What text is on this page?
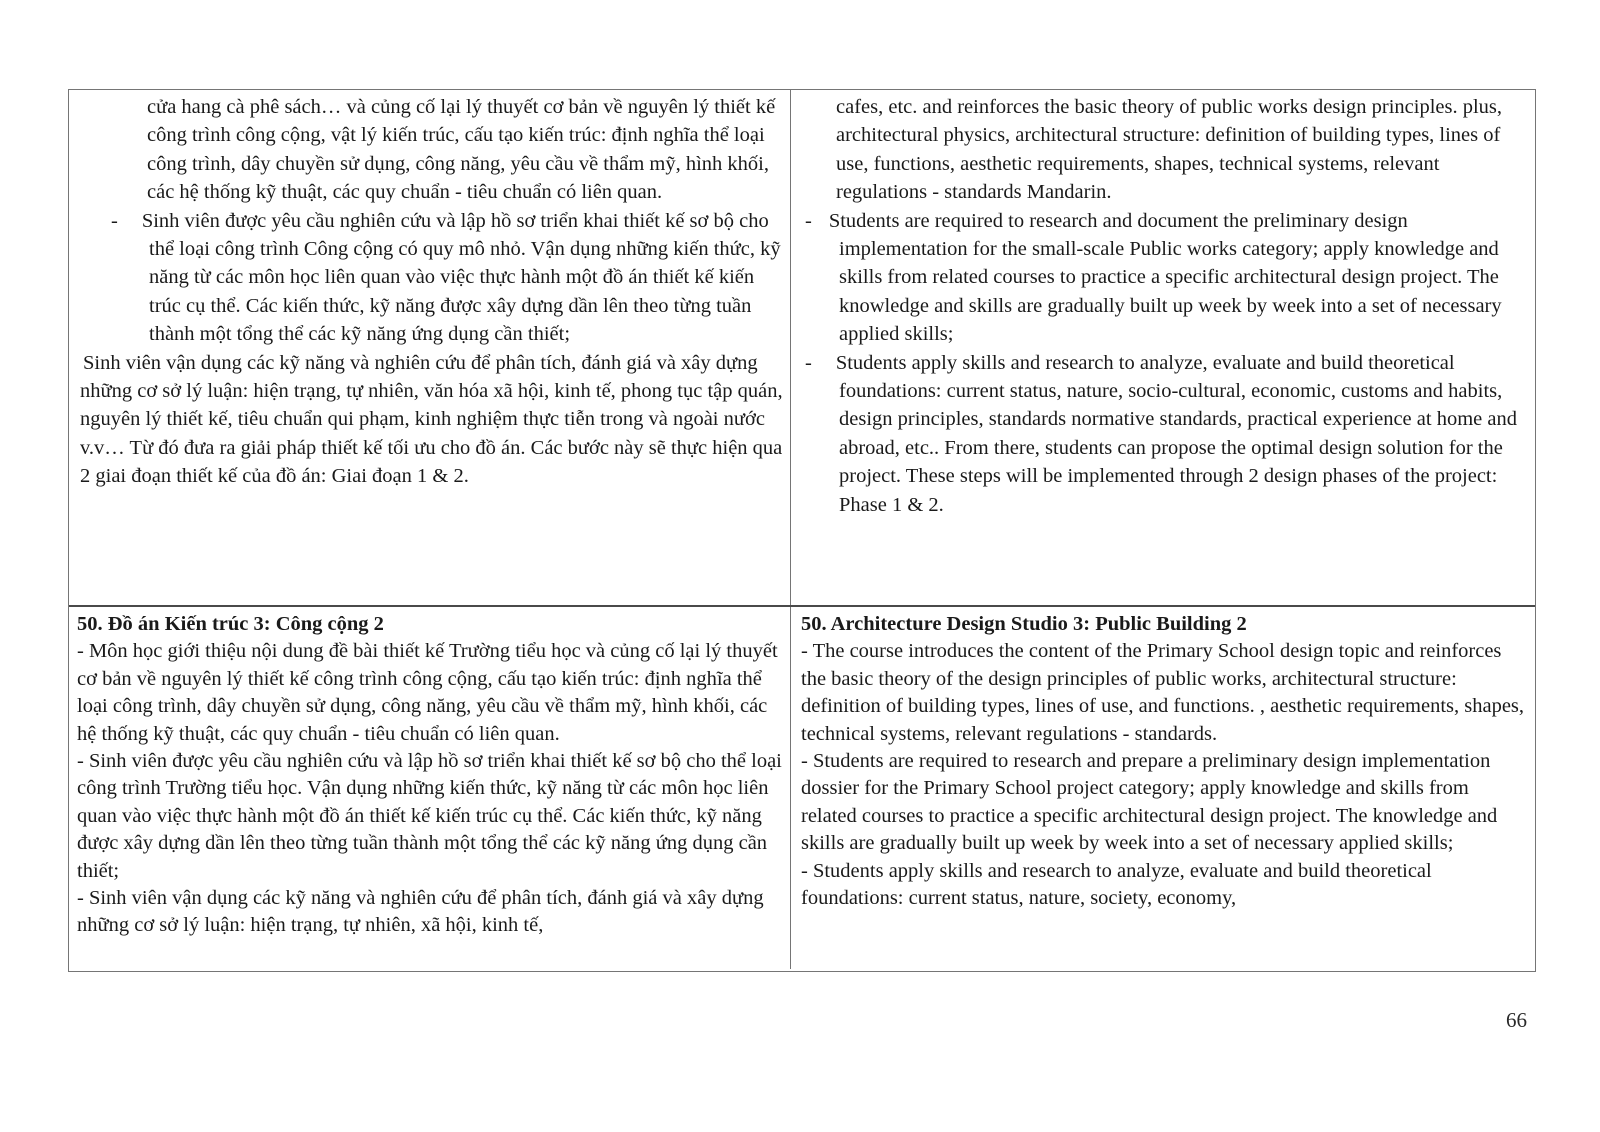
cửa hang cà phê sách… và củng cố lại lý thuyết cơ bản về nguyên lý thiết kế công trình công cộng, vật lý kiến trúc, cấu tạo kiến trúc: định nghĩa thể loại công trình, dây chuyền sử dụng, công năng, yêu cầu về thẩm mỹ, hình khối, các hệ thống kỹ thuật, các quy chuẩn - tiêu chuẩn có liên quan.

- Sinh viên được yêu cầu nghiên cứu và lập hồ sơ triển khai thiết kế sơ bộ cho thể loại công trình Công cộng có quy mô nhỏ. Vận dụng những kiến thức, kỹ năng từ các môn học liên quan vào việc thực hành một đồ án thiết kế kiến trúc cụ thể. Các kiến thức, kỹ năng được xây dựng dần lên theo từng tuần thành một tổng thể các kỹ năng ứng dụng cần thiết;

Sinh viên vận dụng các kỹ năng và nghiên cứu để phân tích, đánh giá và xây dựng những cơ sở lý luận: hiện trạng, tự nhiên, văn hóa xã hội, kinh tế, phong tục tập quán, nguyên lý thiết kế, tiêu chuẩn qui phạm, kinh nghiệm thực tiễn trong và ngoài nước v.v… Từ đó đưa ra giải pháp thiết kế tối ưu cho đồ án. Các bước này sẽ thực hiện qua 2 giai đoạn thiết kế của đồ án: Giai đoạn 1 & 2.

cafes, etc. and reinforces the basic theory of public works design principles. plus, architectural physics, architectural structure: definition of building types, lines of use, functions, aesthetic requirements, shapes, technical systems, relevant regulations - standards Mandarin.

- Students are required to research and document the preliminary design implementation for the small-scale Public works category; apply knowledge and skills from related courses to practice a specific architectural design project. The knowledge and skills are gradually built up week by week into a set of necessary applied skills;

- Students apply skills and research to analyze, evaluate and build theoretical foundations: current status, nature, socio-cultural, economic, customs and habits, design principles, standards normative standards, practical experience at home and abroad, etc.. From there, students can propose the optimal design solution for the project. These steps will be implemented through 2 design phases of the project: Phase 1 & 2.

50. Đồ án Kiến trúc 3: Công cộng 2

- Môn học giới thiệu nội dung đề bài thiết kế Trường tiểu học và củng cố lại lý thuyết cơ bản về nguyên lý thiết kế công trình công cộng, cấu tạo kiến trúc: định nghĩa thể loại công trình, dây chuyền sử dụng, công năng, yêu cầu về thẩm mỹ, hình khối, các hệ thống kỹ thuật, các quy chuẩn - tiêu chuẩn có liên quan.

- Sinh viên được yêu cầu nghiên cứu và lập hồ sơ triển khai thiết kế sơ bộ cho thể loại công trình Trường tiểu học. Vận dụng những kiến thức, kỹ năng từ các môn học liên quan vào việc thực hành một đồ án thiết kế kiến trúc cụ thể. Các kiến thức, kỹ năng được xây dựng dần lên theo từng tuần thành một tổng thể các kỹ năng ứng dụng cần thiết;

- Sinh viên vận dụng các kỹ năng và nghiên cứu để phân tích, đánh giá và xây dựng những cơ sở lý luận: hiện trạng, tự nhiên, xã hội, kinh tế,

50. Architecture Design Studio 3: Public Building 2

- The course introduces the content of the Primary School design topic and reinforces the basic theory of the design principles of public works, architectural structure: definition of building types, lines of use, and functions. , aesthetic requirements, shapes, technical systems, relevant regulations - standards.

- Students are required to research and prepare a preliminary design implementation dossier for the Primary School project category; apply knowledge and skills from related courses to practice a specific architectural design project. The knowledge and skills are gradually built up week by week into a set of necessary applied skills;

- Students apply skills and research to analyze, evaluate and build theoretical foundations: current status, nature, society, economy,

66
